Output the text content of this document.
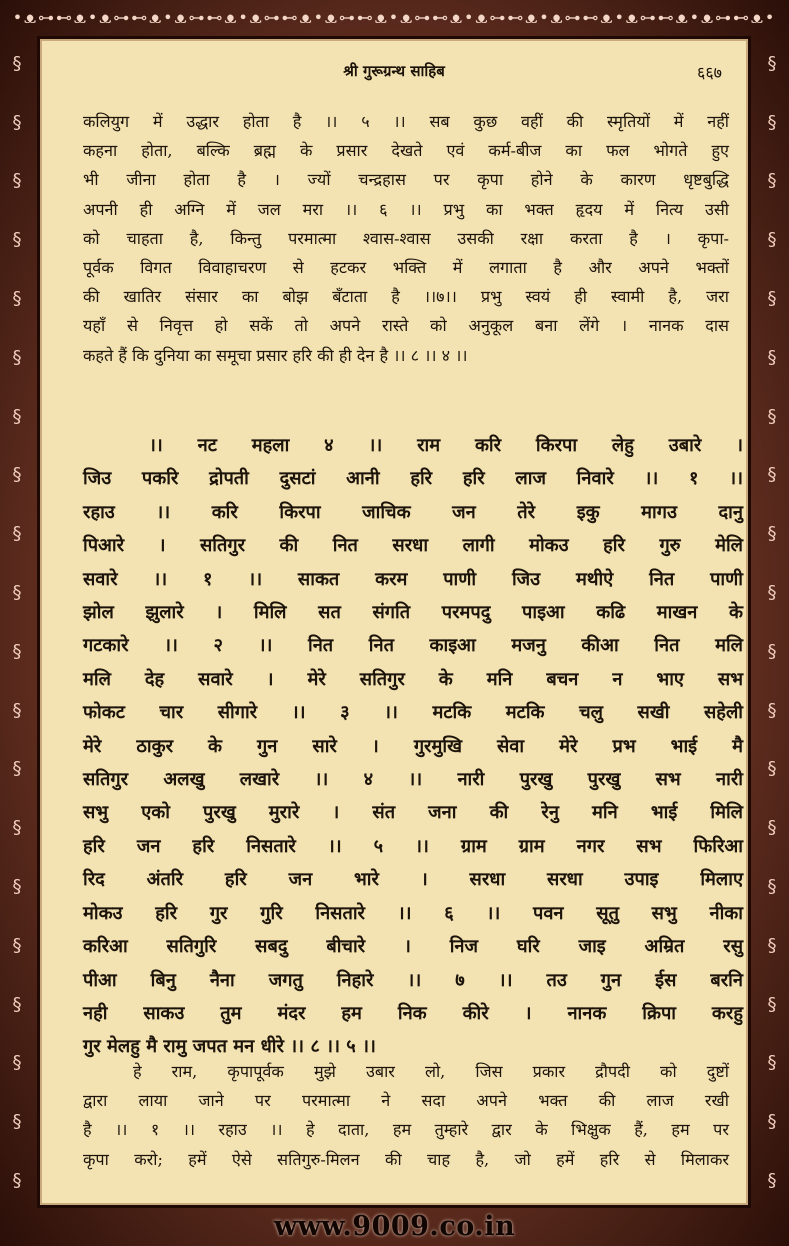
•ᴥ⊶⊷ᴥ•ᴥ⊶⊷ᴥ•ᴥ⊶⊷ᴥ•ᴥ⊶⊷ᴥ•ᴥ⊶⊷ᴥ•ᴥ⊶⊷ᴥ•ᴥ⊶⊷ᴥ•ᴥ⊶⊷ᴥ•ᴥ⊶⊷ᴥ•ᴥ⊶⊷ᴥ•
§
§
§
§
§
§
§
§
§
§
§
§
§
§
§
§
§
§
§
§
§
§
§
§
§
§
§
§
§
§
§
§
§
§
§
§
§
§
§
§
श्री गुरूग्रन्थ साहिब	६६७
कलियुग में उद्धार होता है ।। ५ ।। सब कुछ वहीं की स्मृतियों में नहीं
कहना होता, बल्कि ब्रह्म के प्रसार देखते एवं कर्म-बीज का फल भोगते हुए
भी जीना होता है । ज्यों चन्द्रहास पर कृपा होने के कारण धृष्टबुद्धि
अपनी ही अग्नि में जल मरा ।। ६ ।। प्रभु का भक्त हृदय में नित्य उसी
को चाहता है, किन्तु परमात्मा श्वास-श्वास उसकी रक्षा करता है । कृपा-
पूर्वक विगत विवाहाचरण से हटकर भक्ति में लगाता है और अपने भक्तों
की खातिर संसार का बोझ बँटाता है ।।७।। प्रभु स्वयं ही स्वामी है, जरा
यहाँ से निवृत्त हो सकें तो अपने रास्ते को अनुकूल बना लेंगे । नानक दास
कहते हैं कि दुनिया का समूचा प्रसार हरि की ही देन है ।। ८ ।। ४ ।।
।। नट महला ४ ।। राम करि किरपा लेहु उबारे ।
जिउ पकरि द्रोपती दुसटां आनी हरि हरि लाज निवारे ।। १ ।।
रहाउ ।। करि किरपा जाचिक जन तेरे इकु मागउ दानु
पिआरे । सतिगुर की नित सरधा लागी मोकउ हरि गुरु मेलि
सवारे ।। १ ।। साकत करम पाणी जिउ मथीऐ नित पाणी
झोल झुलारे । मिलि सत संगति परमपदु पाइआ कढि माखन के
गटकारे ।। २ ।। नित नित काइआ मजनु कीआ नित मलि
मलि देह सवारे । मेरे सतिगुर के मनि बचन न भाए सभ
फोकट चार सीगारे ।। ३ ।। मटकि मटकि चलु सखी सहेली
मेरे ठाकुर के गुन सारे । गुरमुखि सेवा मेरे प्रभ भाई मै
सतिगुर अलखु लखारे ।। ४ ।। नारी पुरखु पुरखु सभ नारी
सभु एको पुरखु मुरारे । संत जना की रेनु मनि भाई मिलि
हरि जन हरि निसतारे ।। ५ ।। ग्राम ग्राम नगर सभ फिरिआ
रिद अंतरि हरि जन भारे । सरधा सरधा उपाइ मिलाए
मोकउ हरि गुर गुरि निसतारे ।। ६ ।। पवन सूतु सभु नीका
करिआ सतिगुरि सबदु बीचारे । निज घरि जाइ अम्रित रसु
पीआ बिनु नैना जगतु निहारे ।। ७ ।। तउ गुन ईस बरनि
नही साकउ तुम मंदर हम निक कीरे । नानक क्रिपा करहु
गुर मेलहु मै रामु जपत मन धीरे ।। ८ ।। ५ ।।
हे राम, कृपापूर्वक मुझे उबार लो, जिस प्रकार द्रौपदी को दुष्टों
द्वारा लाया जाने पर परमात्मा ने सदा अपने भक्त की लाज रखी
है ।। १ ।। रहाउ ।। हे दाता, हम तुम्हारे द्वार के भिक्षुक हैं, हम पर
कृपा करो; हमें ऐसे सतिगुरु-मिलन की चाह है, जो हमें हरि से मिलाकर
www.9009.co.in
